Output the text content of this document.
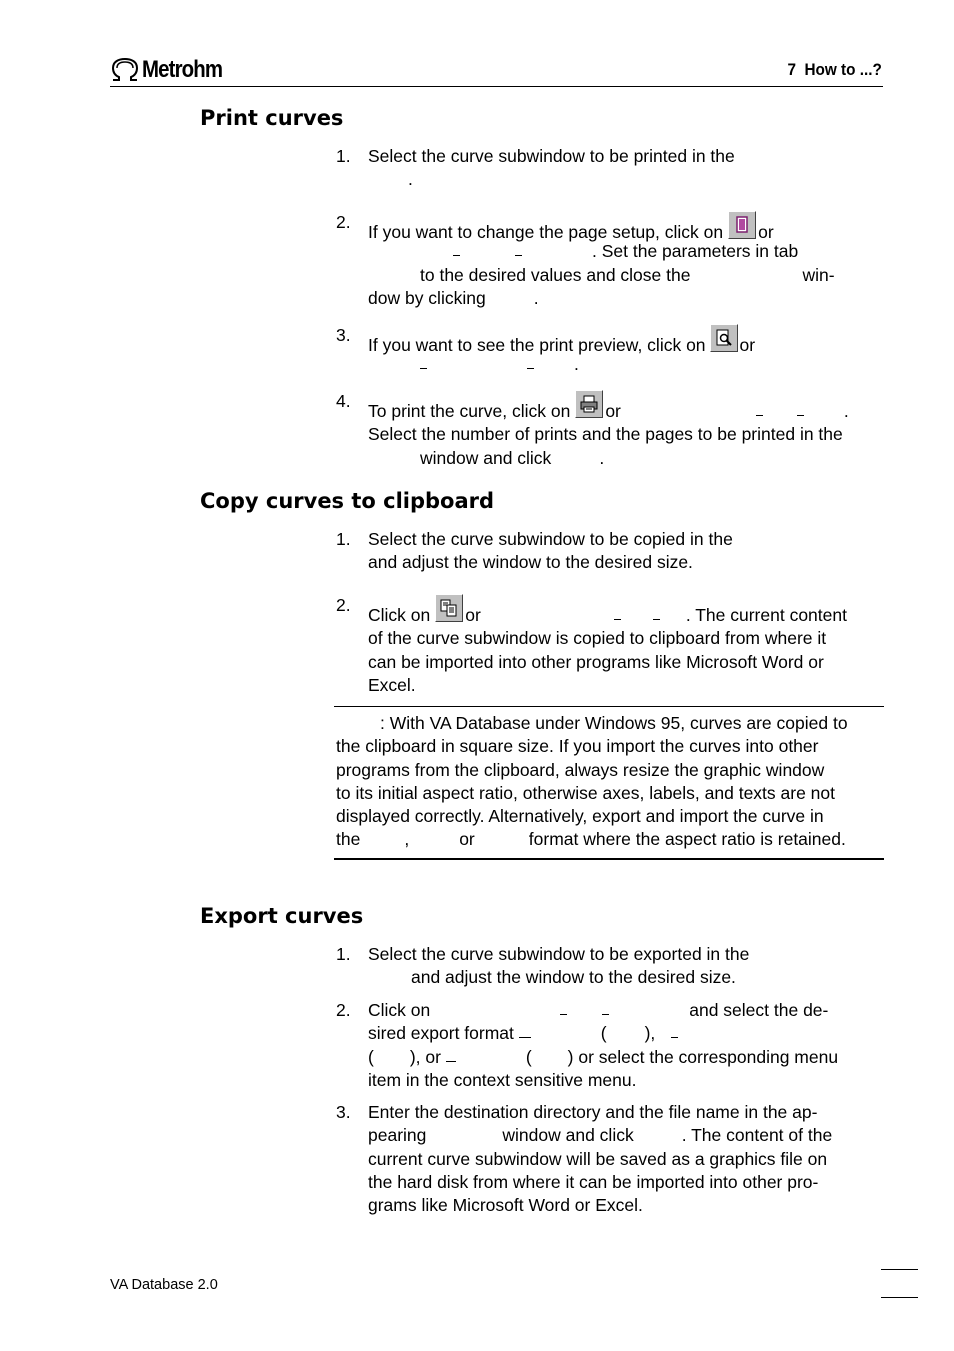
Metrohm	7  How to ...?
Print curves
1. Select the curve subwindow to be printed in the

.

2. If you want to change the page setup, click on or

. Set the parameters in tab

to the desired values and close the	win-

dow by clicking	.

3. If you want to see the print preview, click on or

.

4. To print the curve, click on or	.

Select the number of prints and the pages to be printed in the

window and click	.

Copy curves to clipboard
1. Select the curve subwindow to be copied in the

and adjust the window to the desired size.

2. Click on or	. The current content

of the curve subwindow is copied to clipboard from where it

can be imported into other programs like Microsoft Word or

Excel.

: With VA Database under Windows 95, curves are copied to

the clipboard in square size. If you import the curves into other

programs from the clipboard, always resize the graphic window

to its initial aspect ratio, otherwise axes, labels, and texts are not

displayed correctly. Alternatively, export and import the curve in

the	,	or	format where the aspect ratio is retained.

Export curves
1. Select the curve subwindow to be exported in the

and adjust the window to the desired size.

2. Click on	and select the de-

sired export format	( ),

( ), or	( ) or select the corresponding menu

item in the context sensitive menu.

3. Enter the destination directory and the file name in the ap-

pearing	window and click	. The content of the

current curve subwindow will be saved as a graphics file on

the hard disk from where it can be imported into other pro-

grams like Microsoft Word or Excel.

VA Database 2.0
